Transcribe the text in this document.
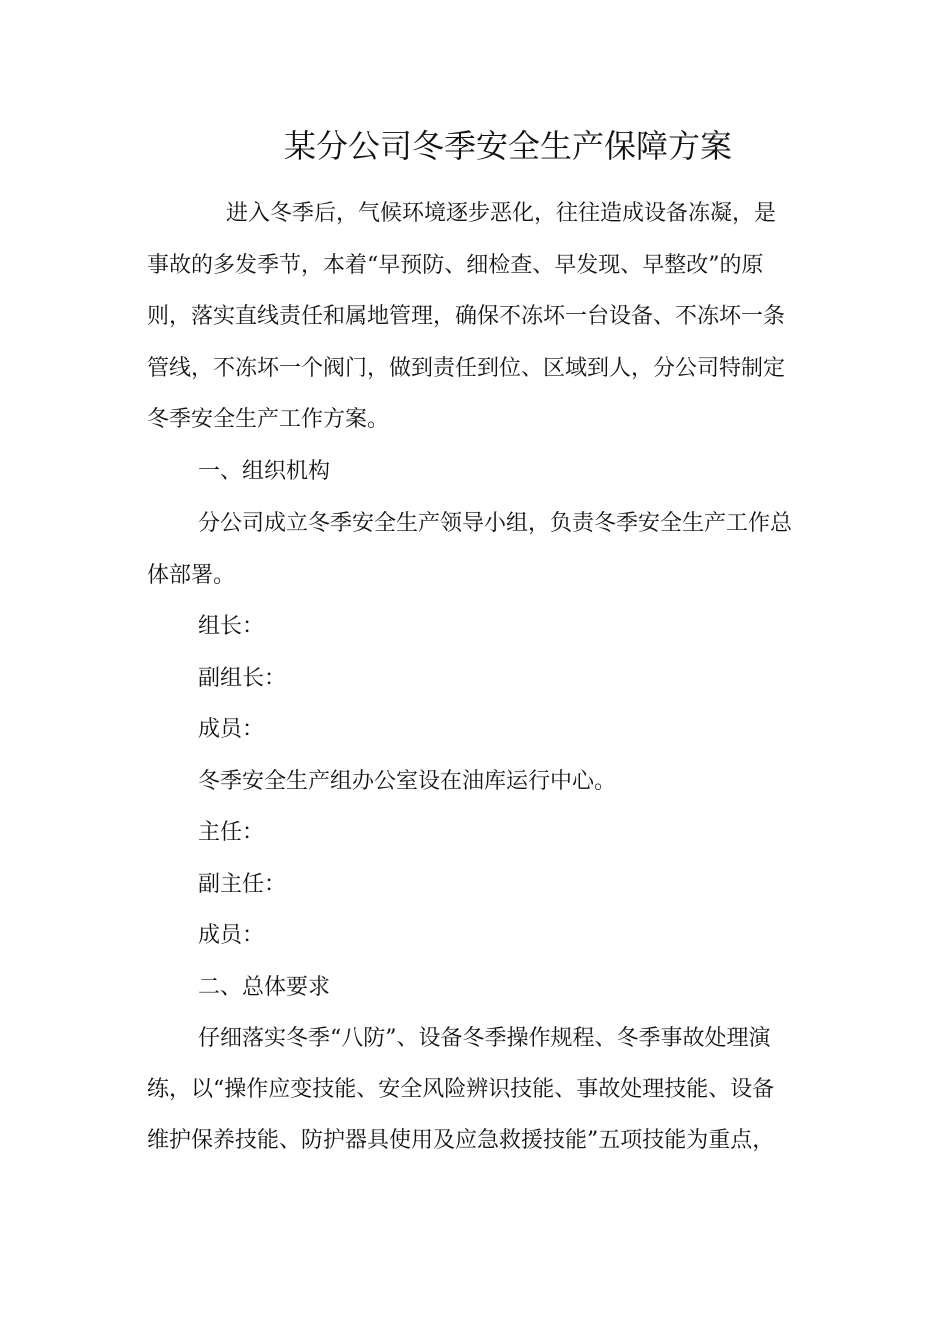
某分公司冬季安全生产保障方案
进入冬季后，气候环境逐步恶化，往往造成设备冻凝，是
事故的多发季节，本着“早预防、细检查、早发现、早整改”的原
则，落实直线责任和属地管理，确保不冻坏一台设备、不冻坏一条
管线，不冻坏一个阀门，做到责任到位、区域到人，分公司特制定
冬季安全生产工作方案。
一、组织机构
分公司成立冬季安全生产领导小组，负责冬季安全生产工作总
体部署。
组长：
副组长：
成员：
冬季安全生产组办公室设在油库运行中心。
主任：
副主任：
成员：
二、总体要求
仔细落实冬季“八防”、设备冬季操作规程、冬季事故处理演
练，以“操作应变技能、安全风险辨识技能、事故处理技能、设备
维护保养技能、防护器具使用及应急救援技能”五项技能为重点，
